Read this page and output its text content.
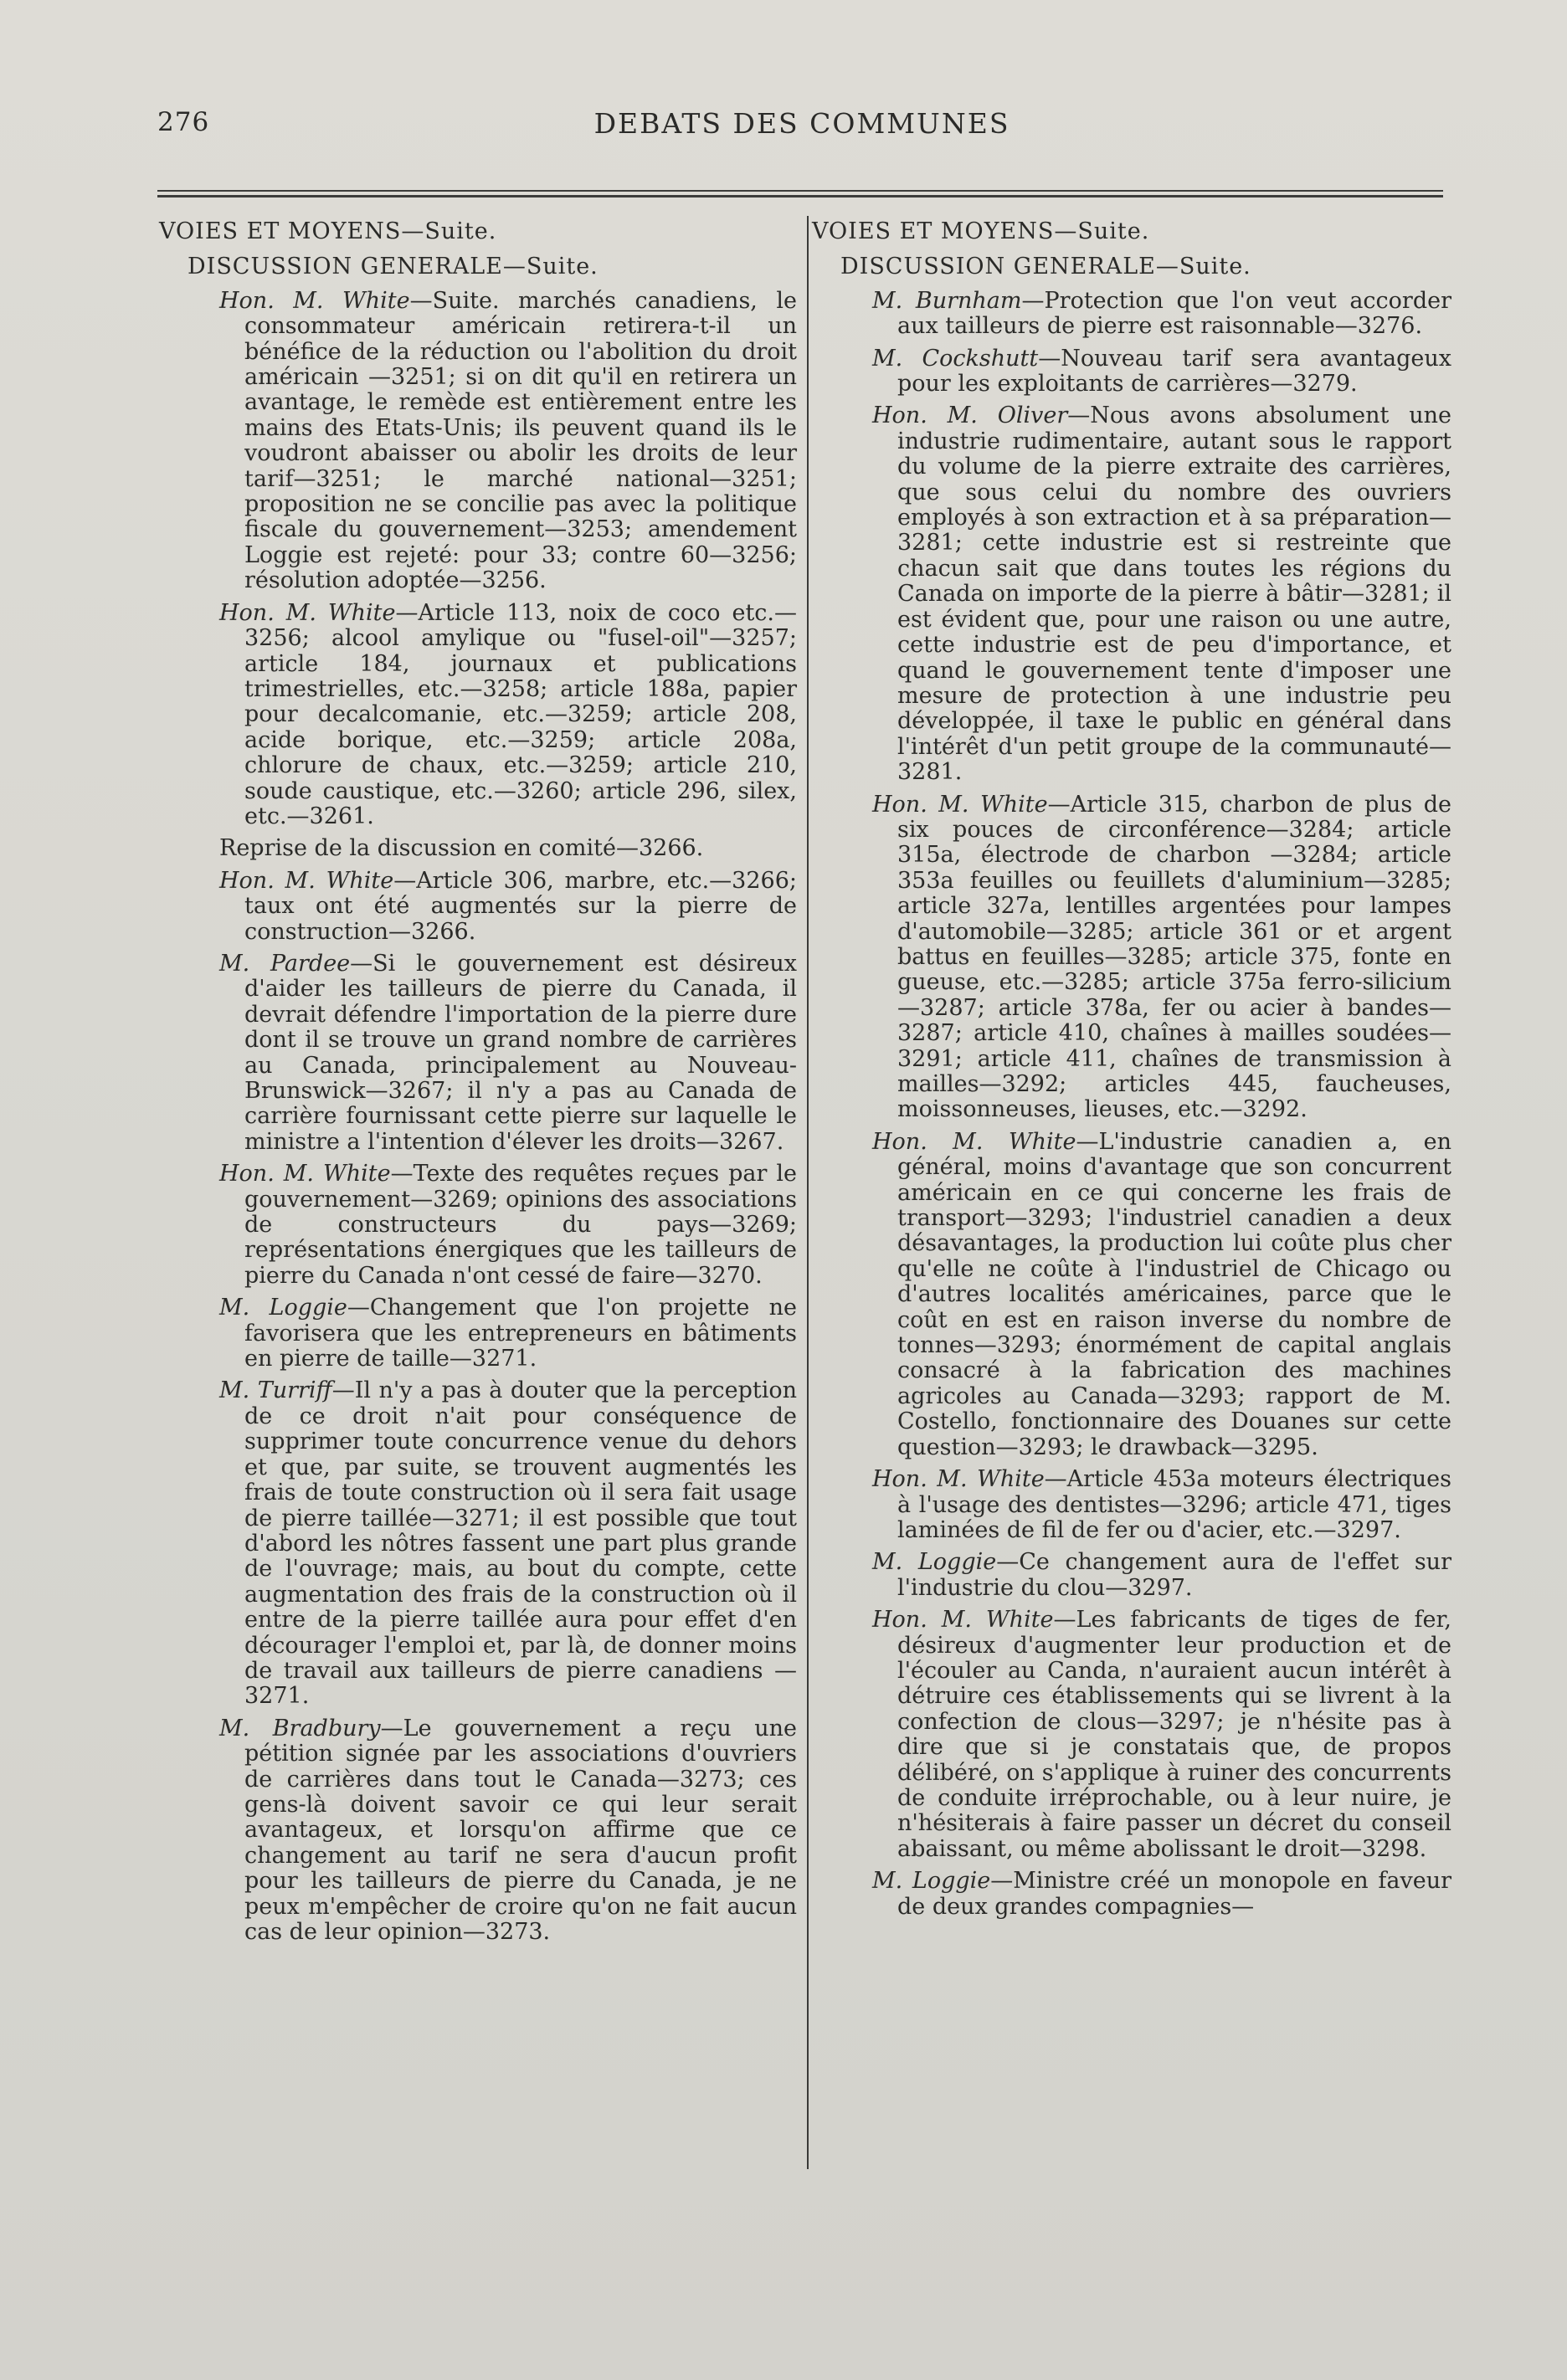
276	DEBATS DES COMMUNES
VOIES ET MOYENS—Suite.
DISCUSSION GENERALE—Suite.

Hon. M. White—Suite. marchés canadiens, le consommateur américain retirera-t-il un bénéfice de la réduction ou l'abolition du droit américain —3251; si on dit qu'il en retirera un avantage, le remède est entièrement entre les mains des Etats-Unis; ils peuvent quand ils le voudront abaisser ou abolir les droits de leur tarif—3251; le marché national—3251; proposition ne se concilie pas avec la politique fiscale du gouvernement—3253; amendement Loggie est rejeté: pour 33; contre 60—3256; résolution adoptée—3256.

Hon. M. White—Article 113, noix de coco etc.—3256; alcool amylique ou "fusel-oil"—3257; article 184, journaux et publications trimestrielles, etc.—3258; article 188a, papier pour decalcomanie, etc.—3259; article 208, acide borique, etc.—3259; article 208a, chlorure de chaux, etc.—3259; article 210, soude caustique, etc.—3260; article 296, silex, etc.—3261.

Reprise de la discussion en comité—3266.

Hon. M. White—Article 306, marbre, etc.—3266; taux ont été augmentés sur la pierre de construction—3266.

M. Pardee—Si le gouvernement est désireux d'aider les tailleurs de pierre du Canada, il devrait défendre l'importation de la pierre dure dont il se trouve un grand nombre de carrières au Canada, principalement au Nouveau-Brunswick—3267; il n'y a pas au Canada de carrière fournissant cette pierre sur laquelle le ministre a l'intention d'élever les droits—3267.

Hon. M. White—Texte des requêtes reçues par le gouvernement—3269; opinions des associations de constructeurs du pays—3269; représentations énergiques que les tailleurs de pierre du Canada n'ont cessé de faire—3270.

M. Loggie—Changement que l'on projette ne favorisera que les entrepreneurs en bâtiments en pierre de taille—3271.

M. Turriff—Il n'y a pas à douter que la perception de ce droit n'ait pour conséquence de supprimer toute concurrence venue du dehors et que, par suite, se trouvent augmentés les frais de toute construction où il sera fait usage de pierre taillée—3271; il est possible que tout d'abord les nôtres fassent une part plus grande de l'ouvrage; mais, au bout du compte, cette augmentation des frais de la construction où il entre de la pierre taillée aura pour effet d'en décourager l'emploi et, par là, de donner moins de travail aux tailleurs de pierre canadiens —3271.

M. Bradbury—Le gouvernement a reçu une pétition signée par les associations d'ouvriers de carrières dans tout le Canada—3273; ces gens-là doivent savoir ce qui leur serait avantageux, et lorsqu'on affirme que ce changement au tarif ne sera d'aucun profit pour les tailleurs de pierre du Canada, je ne peux m'empêcher de croire qu'on ne fait aucun cas de leur opinion—3273.

VOIES ET MOYENS—Suite.
DISCUSSION GENERALE—Suite.

M. Burnham—Protection que l'on veut accorder aux tailleurs de pierre est raisonnable—3276.

M. Cockshutt—Nouveau tarif sera avantageux pour les exploitants de carrières—3279.

Hon. M. Oliver—Nous avons absolument une industrie rudimentaire, autant sous le rapport du volume de la pierre extraite des carrières, que sous celui du nombre des ouvriers employés à son extraction et à sa préparation—3281; cette industrie est si restreinte que chacun sait que dans toutes les régions du Canada on importe de la pierre à bâtir—3281; il est évident que, pour une raison ou une autre, cette industrie est de peu d'importance, et quand le gouvernement tente d'imposer une mesure de protection à une industrie peu développée, il taxe le public en général dans l'intérêt d'un petit groupe de la communauté—3281.

Hon. M. White—Article 315, charbon de plus de six pouces de circonférence—3284; article 315a, électrode de charbon —3284; article 353a feuilles ou feuillets d'aluminium—3285; article 327a, lentilles argentées pour lampes d'automobile—3285; article 361 or et argent battus en feuilles—3285; article 375, fonte en gueuse, etc.—3285; article 375a ferro-silicium—3287; article 378a, fer ou acier à bandes—3287; article 410, chaînes à mailles soudées—3291; article 411, chaînes de transmission à mailles—3292; articles 445, faucheuses, moissonneuses, lieuses, etc.—3292.

Hon. M. White—L'industrie canadien a, en général, moins d'avantage que son concurrent américain en ce qui concerne les frais de transport—3293; l'industriel canadien a deux désavantages, la production lui coûte plus cher qu'elle ne coûte à l'industriel de Chicago ou d'autres localités américaines, parce que le coût en est en raison inverse du nombre de tonnes—3293; énormément de capital anglais consacré à la fabrication des machines agricoles au Canada—3293; rapport de M. Costello, fonctionnaire des Douanes sur cette question—3293; le drawback—3295.

Hon. M. White—Article 453a moteurs électriques à l'usage des dentistes—3296; article 471, tiges laminées de fil de fer ou d'acier, etc.—3297.

M. Loggie—Ce changement aura de l'effet sur l'industrie du clou—3297.

Hon. M. White—Les fabricants de tiges de fer, désireux d'augmenter leur production et de l'écouler au Canda, n'auraient aucun intérêt à détruire ces établissements qui se livrent à la confection de clous—3297; je n'hésite pas à dire que si je constatais que, de propos délibéré, on s'applique à ruiner des concurrents de conduite irréprochable, ou à leur nuire, je n'hésiterais à faire passer un décret du conseil abaissant, ou même abolissant le droit—3298.

M. Loggie—Ministre créé un monopole en faveur de deux grandes compagnies—
